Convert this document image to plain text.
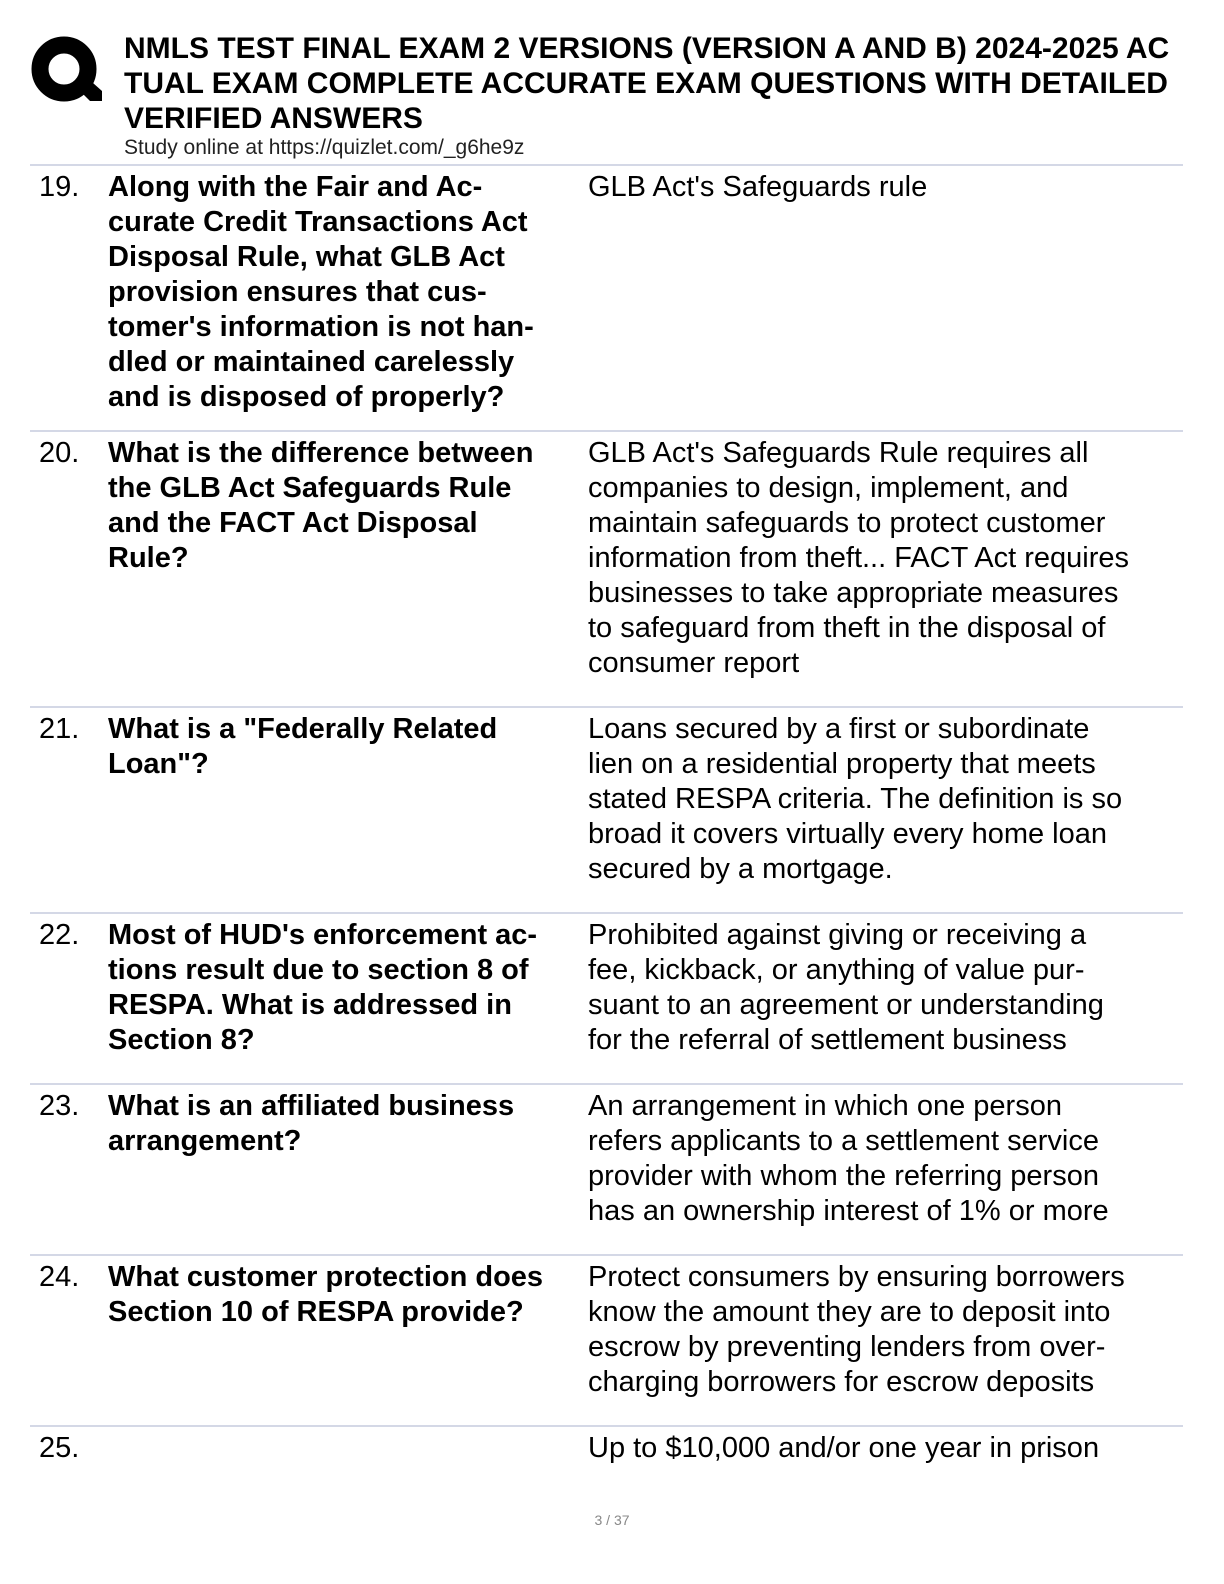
NMLS TEST FINAL EXAM 2 VERSIONS (VERSION A AND B) 2024-2025 AC
TUAL EXAM COMPLETE ACCURATE EXAM QUESTIONS WITH DETAILED
VERIFIED ANSWERS
Study online at https://quizlet.com/_g6he9z
19. Along with the Fair and Ac-
curate Credit Transactions Act
Disposal Rule, what GLB Act
provision ensures that cus-
tomer's information is not han-
dled or maintained carelessly
and is disposed of properly?
GLB Act's Safeguards rule
20. What is the difference between
the GLB Act Safeguards Rule
and the FACT Act Disposal
Rule?
GLB Act's Safeguards Rule requires all
companies to design, implement, and
maintain safeguards to protect customer
information from theft... FACT Act requires
businesses to take appropriate measures
to safeguard from theft in the disposal of
consumer report
21. What is a "Federally Related
Loan"?
Loans secured by a first or subordinate
lien on a residential property that meets
stated RESPA criteria. The definition is so
broad it covers virtually every home loan
secured by a mortgage.
22. Most of HUD's enforcement ac-
tions result due to section 8 of
RESPA. What is addressed in
Section 8?
Prohibited against giving or receiving a
fee, kickback, or anything of value pur-
suant to an agreement or understanding
for the referral of settlement business
23. What is an affiliated business
arrangement?
An arrangement in which one person
refers applicants to a settlement service
provider with whom the referring person
has an ownership interest of 1% or more
24. What customer protection does
Section 10 of RESPA provide?
Protect consumers by ensuring borrowers
know the amount they are to deposit into
escrow by preventing lenders from over-
charging borrowers for escrow deposits
25.	Up to $10,000 and/or one year in prison
3 / 37
